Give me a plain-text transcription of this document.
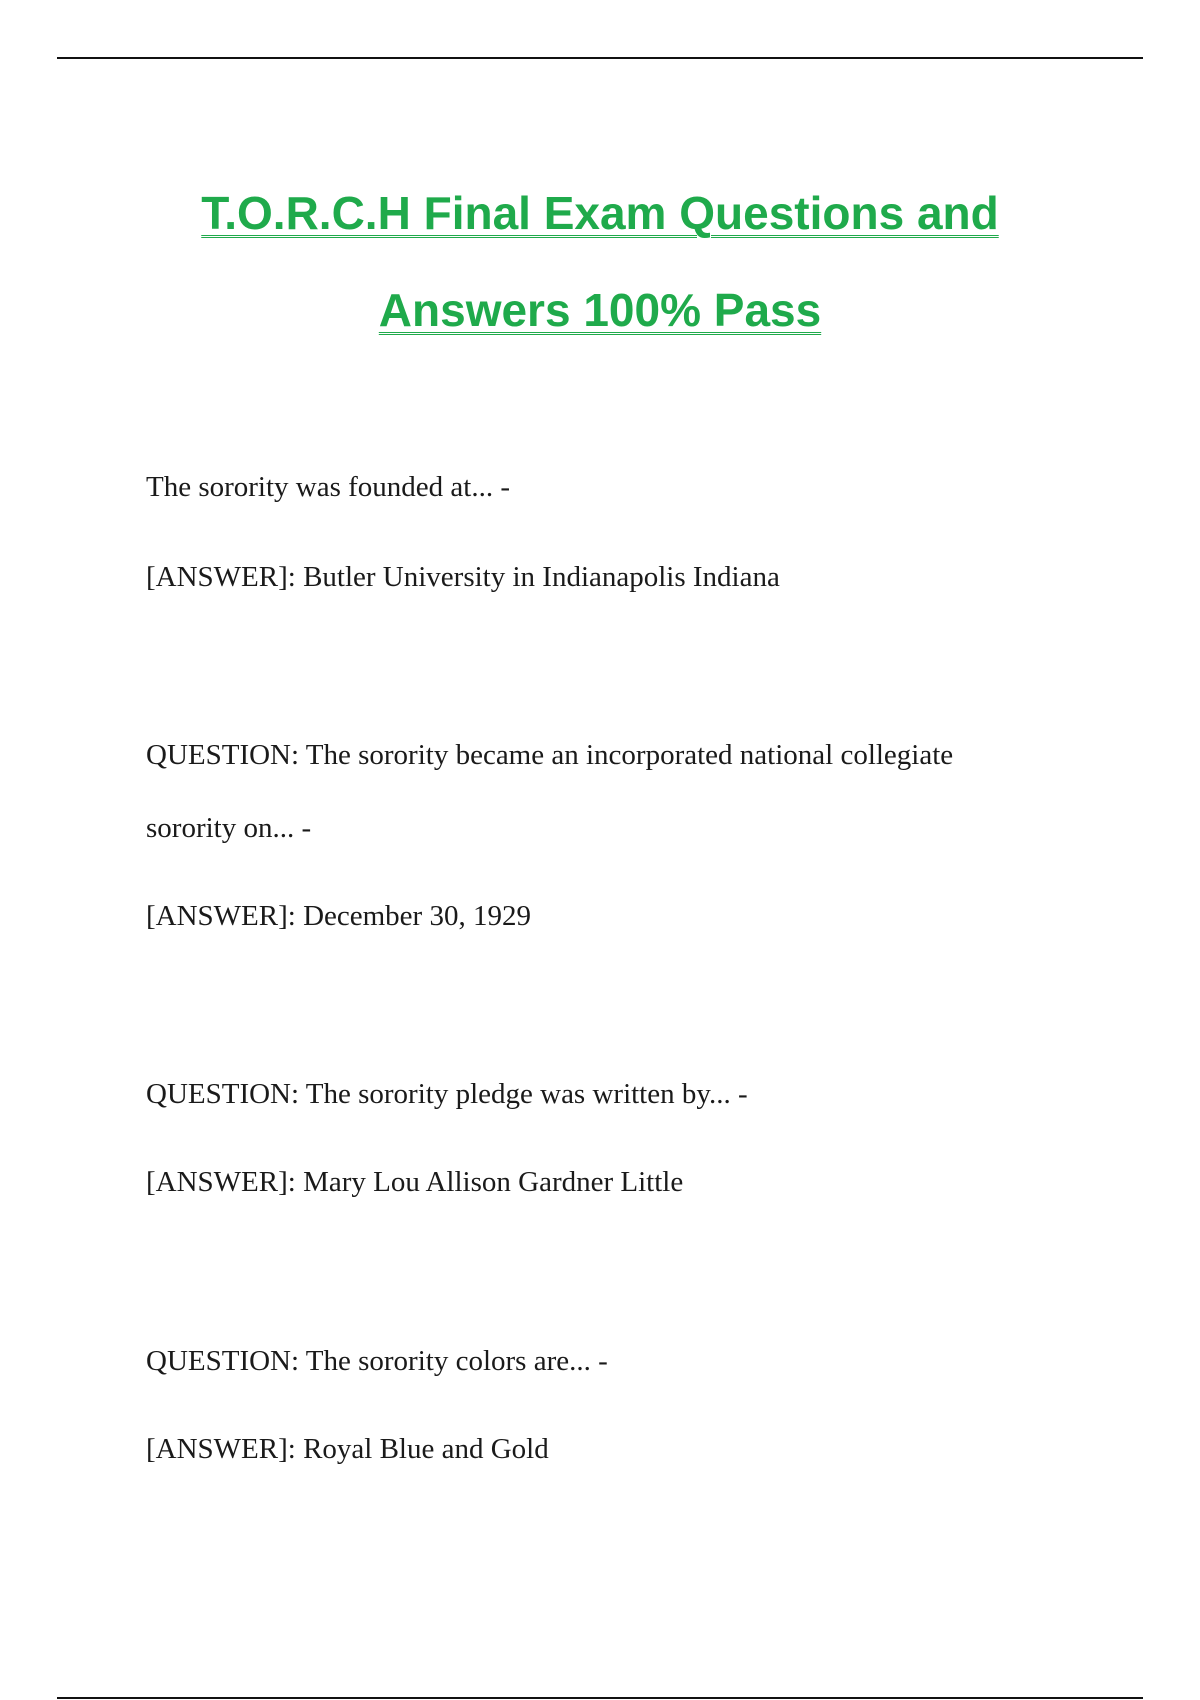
T.O.R.C.H Final Exam Questions and
Answers 100% Pass

The sorority was founded at... -

[ANSWER]: Butler University in Indianapolis Indiana

QUESTION: The sorority became an incorporated national collegiate

sorority on... -

[ANSWER]: December 30, 1929

QUESTION: The sorority pledge was written by... -

[ANSWER]: Mary Lou Allison Gardner Little

QUESTION: The sorority colors are... -

[ANSWER]: Royal Blue and Gold
